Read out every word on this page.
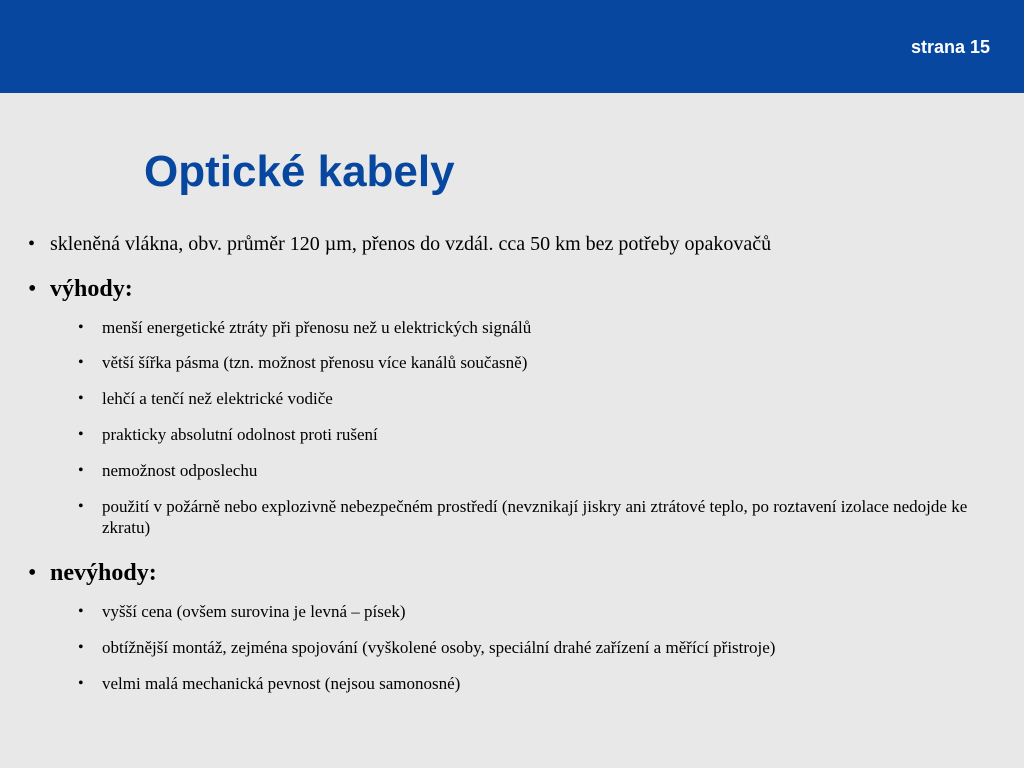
strana 15
Optické kabely
• skleněná vlákna, obv. průměr 120 µm, přenos do vzdál. cca 50 km bez potřeby opakovačů
• výhody:
•	menší energetické ztráty při přenosu než u elektrických signálů
•	větší šířka pásma (tzn. možnost přenosu více kanálů současně)
•	lehčí a tenčí než elektrické vodiče
•	prakticky absolutní odolnost proti rušení
•	nemožnost odposlechu
•	použití v požárně nebo explozivně nebezpečném prostředí (nevznikají jiskry ani ztrátové teplo, po roztavení izolace nedojde ke zkratu)
• nevýhody:
•	vyšší cena (ovšem surovina je levná – písek)
•	obtížnější montáž, zejména spojování (vyškolené osoby, speciální drahé zařízení a měřící přistroje)
•	velmi malá mechanická pevnost (nejsou samonosné)
